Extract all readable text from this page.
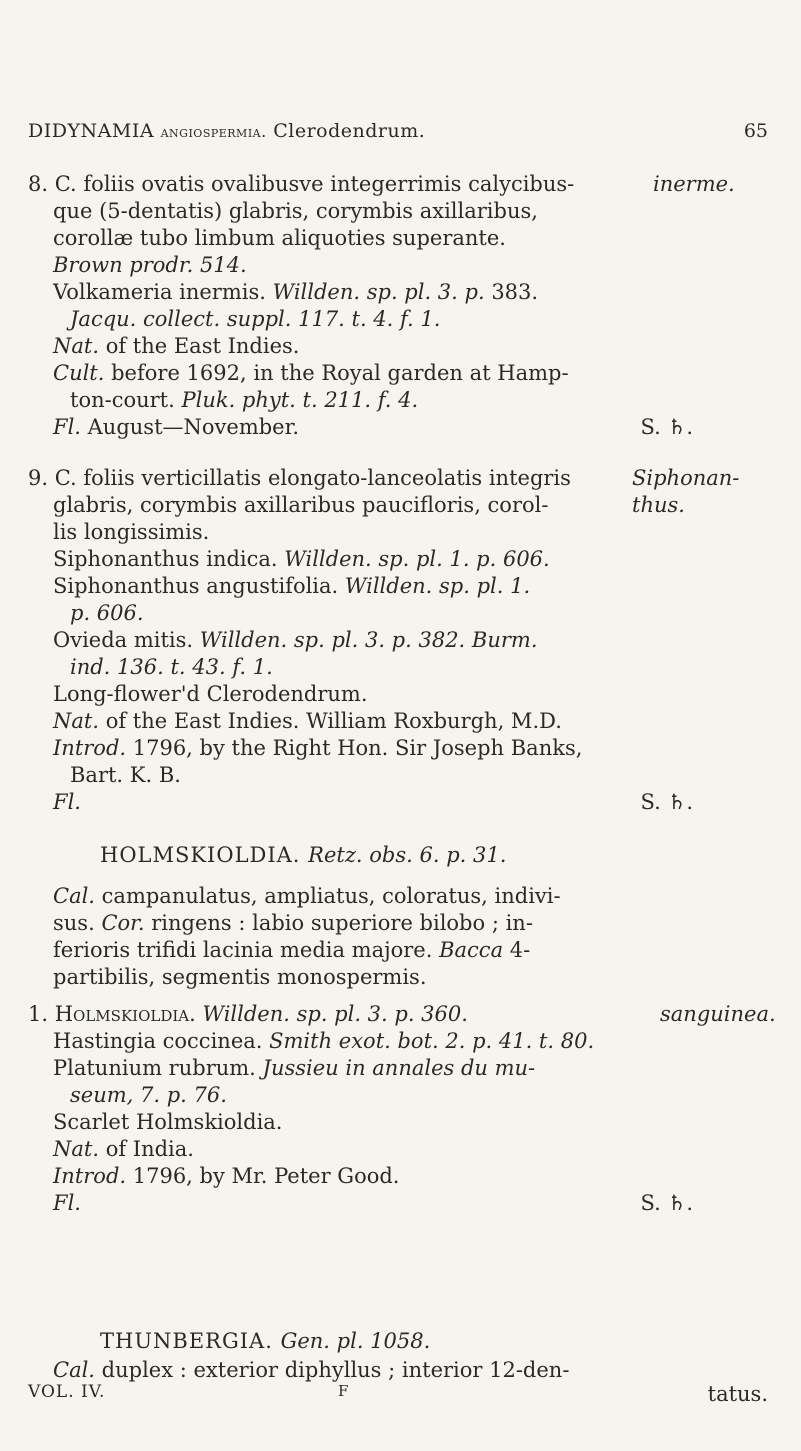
DIDYNAMIA angiospermia. Clerodendrum.	65
8. C. foliis ovatis ovalibusve integerrimis calycibus-	inerme.
que (5-dentatis) glabris, corymbis axillaribus,
corollæ tubo limbum aliquoties superante.
Brown prodr. 514.
Volkameria inermis. Willden. sp. pl. 3. p. 383.
Jacqu. collect. suppl. 117. t. 4. f. 1.
Nat. of the East Indies.
Cult. before 1692, in the Royal garden at Hamp-
ton-court. Pluk. phyt. t. 211. f. 4.
Fl. August—November.	S. ♄.
9. C. foliis verticillatis elongato-lanceolatis integris	Siphonan-
glabris, corymbis axillaribus paucifloris, corol-	thus.
lis longissimis.
Siphonanthus indica. Willden. sp. pl. 1. p. 606.
Siphonanthus angustifolia. Willden. sp. pl. 1.
p. 606.
Ovieda mitis. Willden. sp. pl. 3. p. 382. Burm.
ind. 136. t. 43. f. 1.
Long-flower'd Clerodendrum.
Nat. of the East Indies. William Roxburgh, M.D.
Introd. 1796, by the Right Hon. Sir Joseph Banks,
Bart. K. B.
Fl.	S. ♄.
HOLMSKIOLDIA. Retz. obs. 6. p. 31.
Cal. campanulatus, ampliatus, coloratus, indivi-
sus. Cor. ringens : labio superiore bilobo ; in-
ferioris trifidi lacinia media majore. Bacca 4-
partibilis, segmentis monospermis.
1. Holmskioldia. Willden. sp. pl. 3. p. 360.	sanguinea.
Hastingia coccinea. Smith exot. bot. 2. p. 41. t. 80.
Platunium rubrum. Jussieu in annales du mu-
seum, 7. p. 76.
Scarlet Holmskioldia.
Nat. of India.
Introd. 1796, by Mr. Peter Good.
Fl.	S. ♄.
THUNBERGIA. Gen. pl. 1058.
Cal. duplex : exterior diphyllus ; interior 12-den-
VOL. IV.	F	tatus.
